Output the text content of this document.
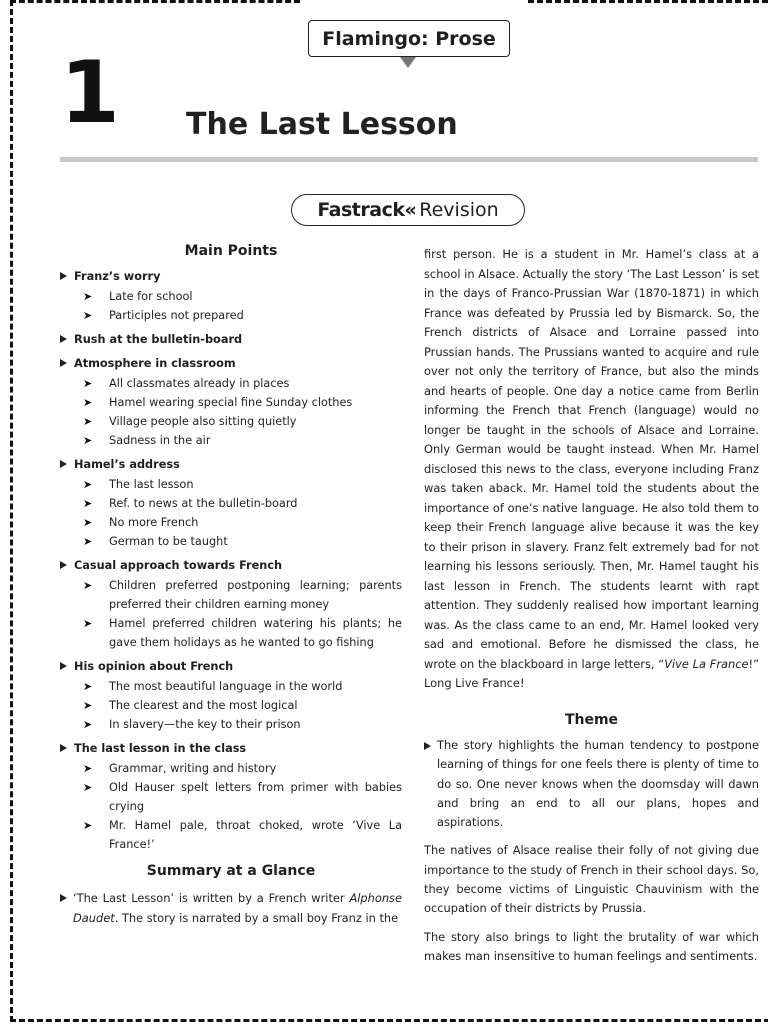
Flamingo: Prose
1 The Last Lesson
Fastrack« Revision
Main Points
Franz’s worry
➤	Late for school
➤	Participles not prepared
Rush at the bulletin-board
Atmosphere in classroom
➤	All classmates already in places
➤	Hamel wearing special fine Sunday clothes
➤	Village people also sitting quietly
➤	Sadness in the air
Hamel’s address
➤	The last lesson
➤	Ref. to news at the bulletin-board
➤	No more French
➤	German to be taught
Casual approach towards French
➤	Children preferred postponing learning; parents preferred their children earning money
➤	Hamel preferred children watering his plants; he gave them holidays as he wanted to go fishing
His opinion about French
➤	The most beautiful language in the world
➤	The clearest and the most logical
➤	In slavery—the key to their prison
The last lesson in the class
➤	Grammar, writing and history
➤	Old Hauser spelt letters from primer with babies crying
➤	Mr. Hamel pale, throat choked, wrote ‘Vive La France!’
Summary at a Glance
‘The Last Lesson’ is written by a French writer Alphonse Daudet. The story is narrated by a small boy Franz in the

first person. He is a student in Mr. Hamel’s class at a school in Alsace. Actually the story ‘The Last Lesson’ is set in the days of Franco-Prussian War (1870-1871) in which France was defeated by Prussia led by Bismarck. So, the French districts of Alsace and Lorraine passed into Prussian hands. The Prussians wanted to acquire and rule over not only the territory of France, but also the minds and hearts of people. One day a notice came from Berlin informing the French that French (language) would no longer be taught in the schools of Alsace and Lorraine. Only German would be taught instead. When Mr. Hamel disclosed this news to the class, everyone including Franz was taken aback. Mr. Hamel told the students about the importance of one’s native language. He also told them to keep their French language alive because it was the key to their prison in slavery. Franz felt extremely bad for not learning his lessons seriously. Then, Mr. Hamel taught his last lesson in French. The students learnt with rapt attention. They suddenly realised how important learning was. As the class came to an end, Mr. Hamel looked very sad and emotional. Before he dismissed the class, he wrote on the blackboard in large letters, “Vive La France!” Long Live France!

Theme
The story highlights the human tendency to postpone learning of things for one feels there is plenty of time to do so. One never knows when the doomsday will dawn and bring an end to all our plans, hopes and aspirations.

The natives of Alsace realise their folly of not giving due importance to the study of French in their school days. So, they become victims of Linguistic Chauvinism with the occupation of their districts by Prussia.

The story also brings to light the brutality of war which makes man insensitive to human feelings and sentiments.
